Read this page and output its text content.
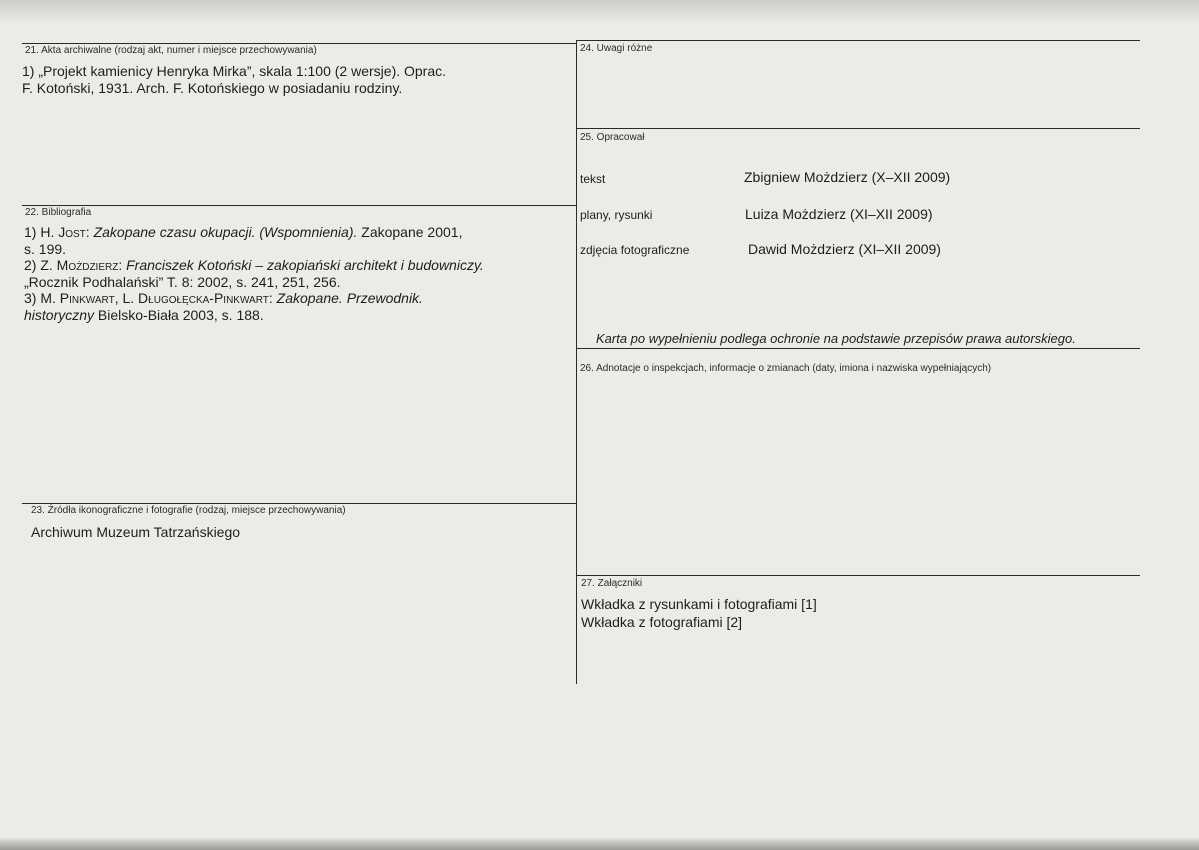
21. Akta archiwalne (rodzaj akt, numer i miejsce przechowywania)
1) „Projekt kamienicy Henryka Mirka”, skala 1:100 (2 wersje). Oprac.
F. Kotoński, 1931. Arch. F. Kotońskiego w posiadaniu rodziny.
22. Bibliografia
1) H. Jost: Zakopane czasu okupacji. (Wspomnienia). Zakopane 2001,
s. 199.
2) Z. Możdzierz: Franciszek Kotoński – zakopiański architekt i budowniczy.
„Rocznik Podhalański” T. 8: 2002, s. 241, 251, 256.
3) M. Pinkwart, L. Długołęcka-Pinkwart: Zakopane. Przewodnik.
historyczny Bielsko-Biała 2003, s. 188.
23. Źródła ikonograficzne i fotografie (rodzaj, miejsce przechowywania)
Archiwum Muzeum Tatrzańskiego
24. Uwagi różne
25. Opracował
tekst	Zbigniew Możdzierz (X–XII 2009)
plany, rysunki	Luiza Możdzierz (XI–XII 2009)
zdjęcia fotograficzne	Dawid Możdzierz (XI–XII 2009)
Karta po wypełnieniu podlega ochronie na podstawie przepisów prawa autorskiego.
26. Adnotacje o inspekcjach, informacje o zmianach (daty, imiona i nazwiska wypełniających)
27. Załączniki
Wkładka z rysunkami i fotografiami [1]
Wkładka z fotografiami [2]
